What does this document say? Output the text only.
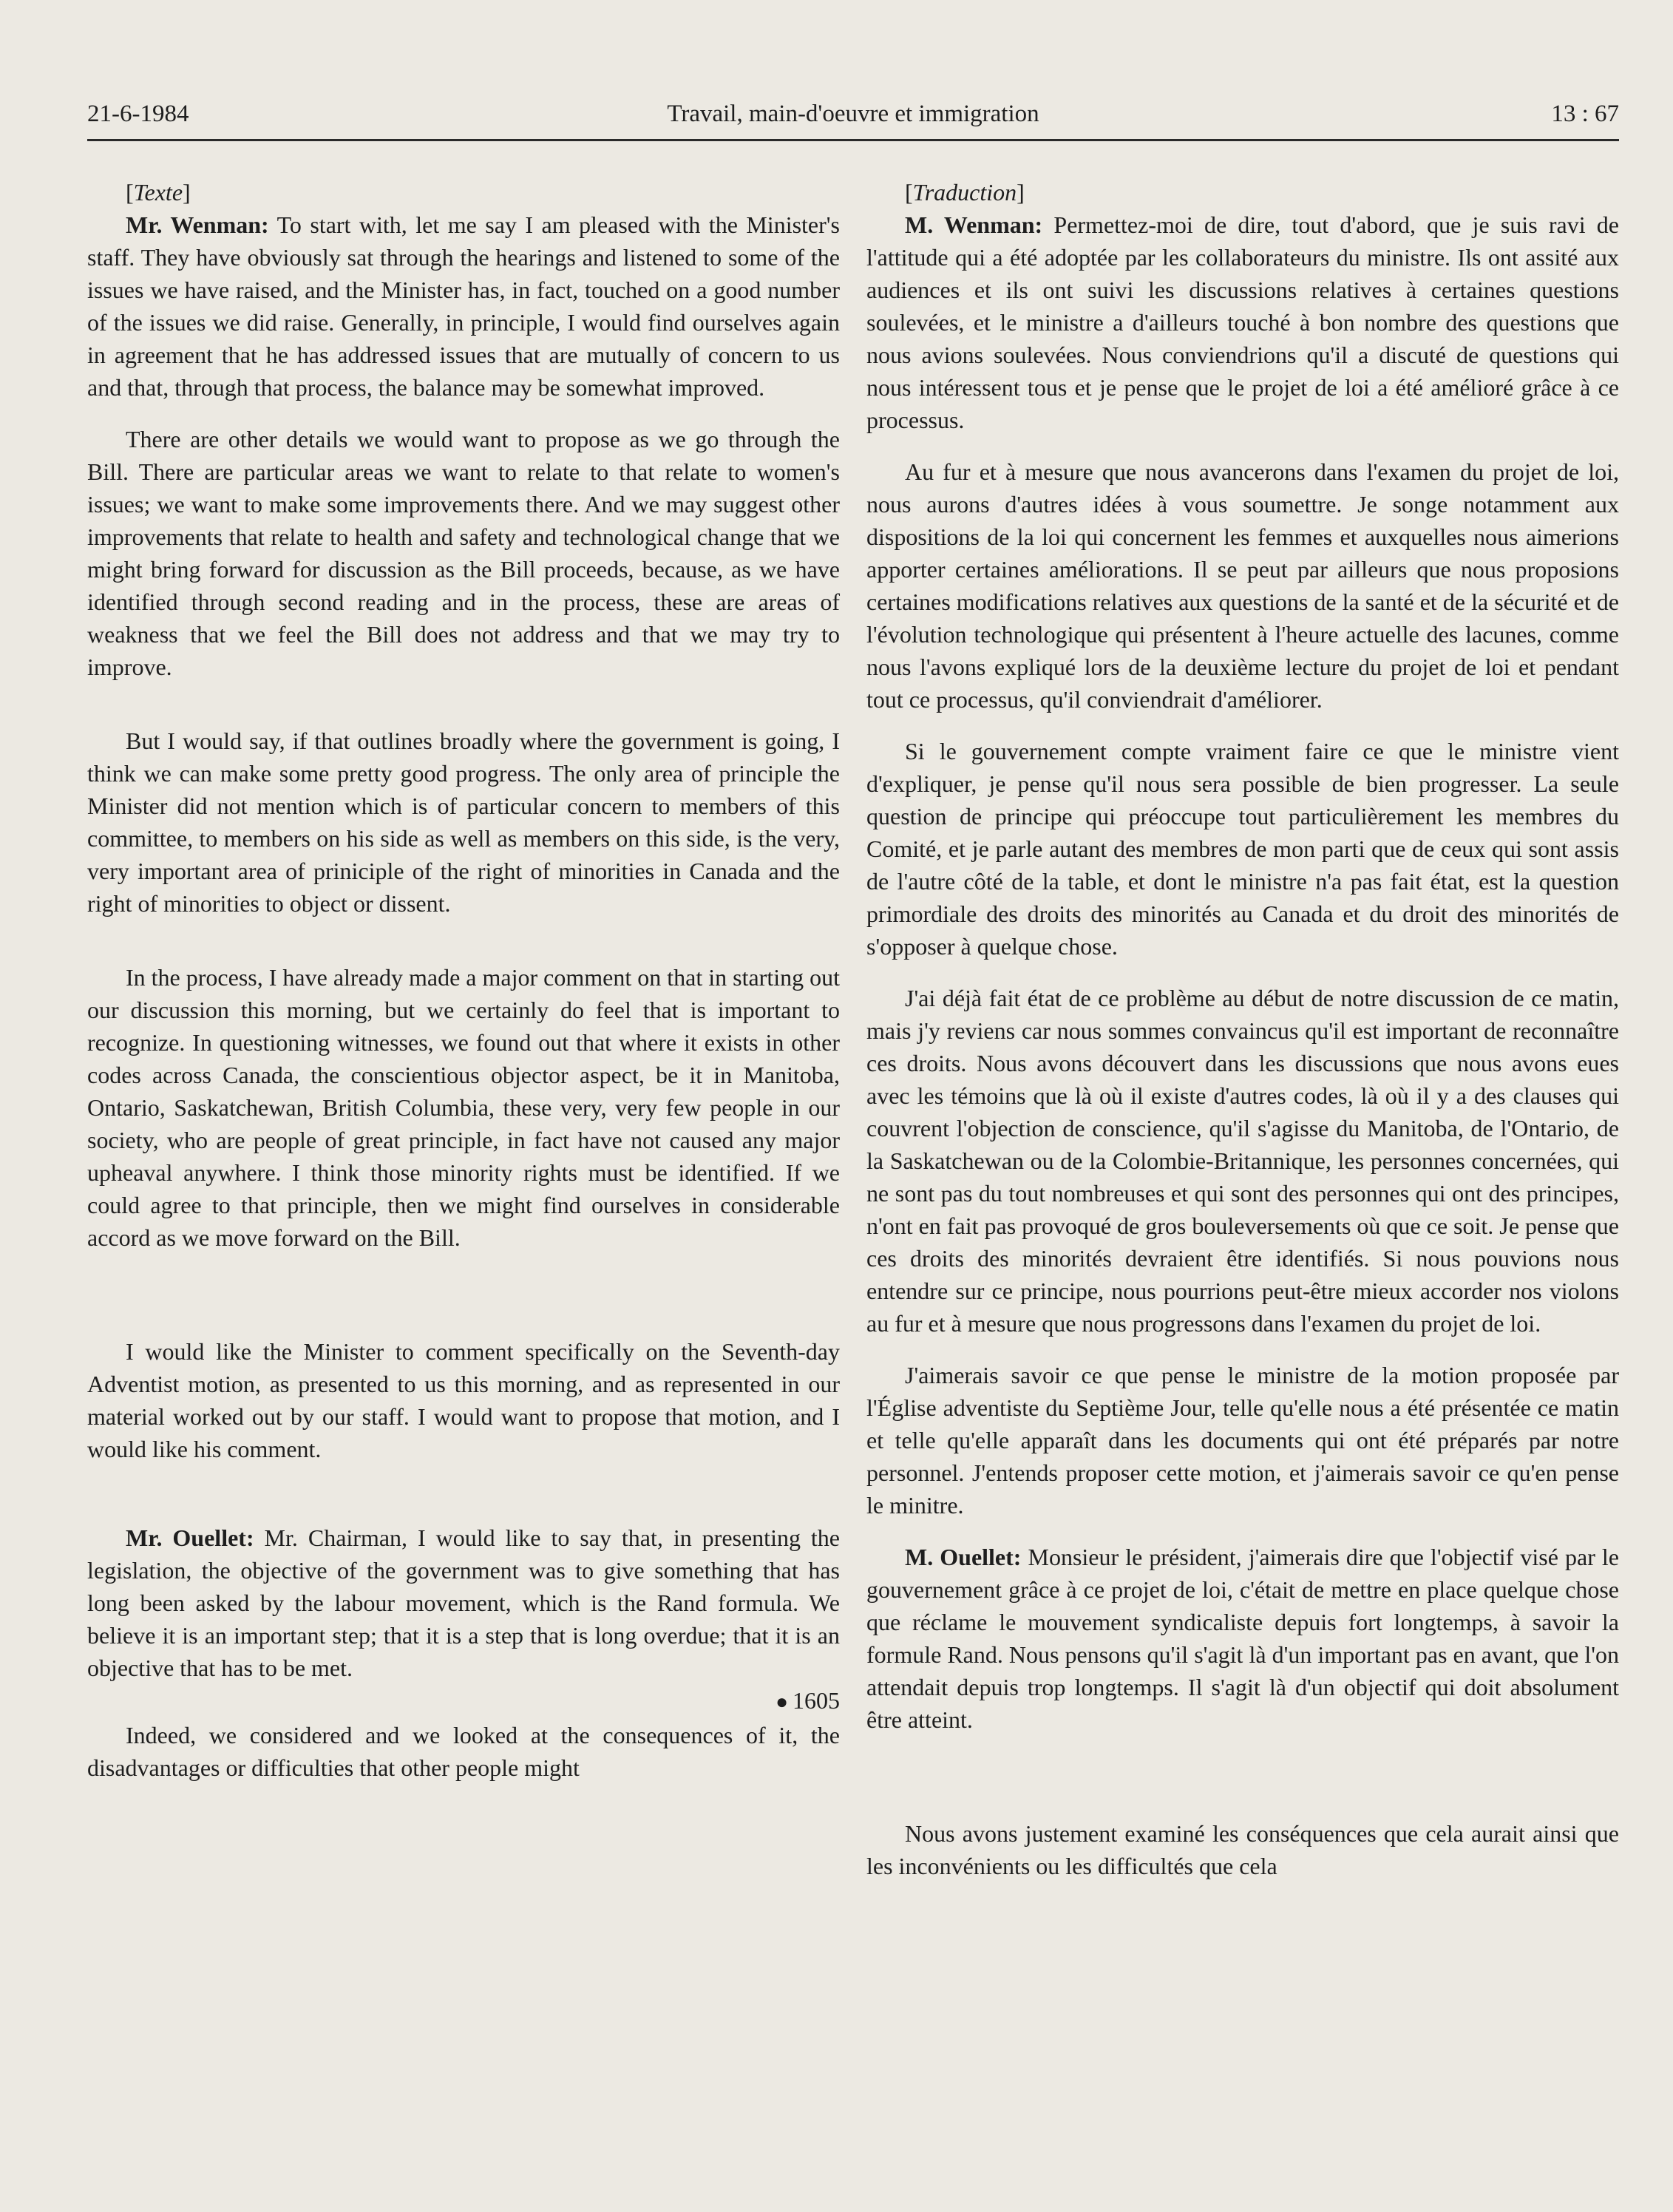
21-6-1984	Travail, main-d'oeuvre et immigration	13 : 67

[Texte]

Mr. Wenman: To start with, let me say I am pleased with the Minister's staff. They have obviously sat through the hearings and listened to some of the issues we have raised, and the Minister has, in fact, touched on a good number of the issues we did raise. Generally, in principle, I would find ourselves again in agreement that he has addressed issues that are mutually of concern to us and that, through that process, the balance may be somewhat improved.

There are other details we would want to propose as we go through the Bill. There are particular areas we want to relate to that relate to women's issues; we want to make some improvements there. And we may suggest other improvements that relate to health and safety and technological change that we might bring forward for discussion as the Bill proceeds, because, as we have identified through second reading and in the process, these are areas of weakness that we feel the Bill does not address and that we may try to improve.

But I would say, if that outlines broadly where the government is going, I think we can make some pretty good progress. The only area of principle the Minister did not mention which is of particular concern to members of this committee, to members on his side as well as members on this side, is the very, very important area of priniciple of the right of minorities in Canada and the right of minorities to object or dissent.

In the process, I have already made a major comment on that in starting out our discussion this morning, but we certainly do feel that is important to recognize. In questioning witnesses, we found out that where it exists in other codes across Canada, the conscientious objector aspect, be it in Manitoba, Ontario, Saskatchewan, British Columbia, these very, very few people in our society, who are people of great principle, in fact have not caused any major upheaval anywhere. I think those minority rights must be identified. If we could agree to that principle, then we might find ourselves in considerable accord as we move forward on the Bill.

I would like the Minister to comment specifically on the Seventh-day Adventist motion, as presented to us this morning, and as represented in our material worked out by our staff. I would want to propose that motion, and I would like his comment.

Mr. Ouellet: Mr. Chairman, I would like to say that, in presenting the legislation, the objective of the government was to give something that has long been asked by the labour movement, which is the Rand formula. We believe it is an important step; that it is a step that is long overdue; that it is an objective that has to be met.

● 1605

Indeed, we considered and we looked at the consequences of it, the disadvantages or difficulties that other people might

[Traduction]

M. Wenman: Permettez-moi de dire, tout d'abord, que je suis ravi de l'attitude qui a été adoptée par les collaborateurs du ministre. Ils ont assité aux audiences et ils ont suivi les discussions relatives à certaines questions soulevées, et le ministre a d'ailleurs touché à bon nombre des questions que nous avions soulevées. Nous conviendrions qu'il a discuté de questions qui nous intéressent tous et je pense que le projet de loi a été amélioré grâce à ce processus.

Au fur et à mesure que nous avancerons dans l'examen du projet de loi, nous aurons d'autres idées à vous soumettre. Je songe notamment aux dispositions de la loi qui concernent les femmes et auxquelles nous aimerions apporter certaines améliorations. Il se peut par ailleurs que nous proposions certaines modifications relatives aux questions de la santé et de la sécurité et de l'évolution technologique qui présentent à l'heure actuelle des lacunes, comme nous l'avons expliqué lors de la deuxième lecture du projet de loi et pendant tout ce processus, qu'il conviendrait d'améliorer.

Si le gouvernement compte vraiment faire ce que le ministre vient d'expliquer, je pense qu'il nous sera possible de bien progresser. La seule question de principe qui préoccupe tout particulièrement les membres du Comité, et je parle autant des membres de mon parti que de ceux qui sont assis de l'autre côté de la table, et dont le ministre n'a pas fait état, est la question primordiale des droits des minorités au Canada et du droit des minorités de s'opposer à quelque chose.

J'ai déjà fait état de ce problème au début de notre discussion de ce matin, mais j'y reviens car nous sommes convaincus qu'il est important de reconnaître ces droits. Nous avons découvert dans les discussions que nous avons eues avec les témoins que là où il existe d'autres codes, là où il y a des clauses qui couvrent l'objection de conscience, qu'il s'agisse du Manitoba, de l'Ontario, de la Saskatchewan ou de la Colombie-Britannique, les personnes concernées, qui ne sont pas du tout nombreuses et qui sont des personnes qui ont des principes, n'ont en fait pas provoqué de gros bouleversements où que ce soit. Je pense que ces droits des minorités devraient être identifiés. Si nous pouvions nous entendre sur ce principe, nous pourrions peut-être mieux accorder nos violons au fur et à mesure que nous progressons dans l'examen du projet de loi.

J'aimerais savoir ce que pense le ministre de la motion proposée par l'Église adventiste du Septième Jour, telle qu'elle nous a été présentée ce matin et telle qu'elle apparaît dans les documents qui ont été préparés par notre personnel. J'entends proposer cette motion, et j'aimerais savoir ce qu'en pense le minitre.

M. Ouellet: Monsieur le président, j'aimerais dire que l'objectif visé par le gouvernement grâce à ce projet de loi, c'était de mettre en place quelque chose que réclame le mouvement syndicaliste depuis fort longtemps, à savoir la formule Rand. Nous pensons qu'il s'agit là d'un important pas en avant, que l'on attendait depuis trop longtemps. Il s'agit là d'un objectif qui doit absolument être atteint.

Nous avons justement examiné les conséquences que cela aurait ainsi que les inconvénients ou les difficultés que cela
